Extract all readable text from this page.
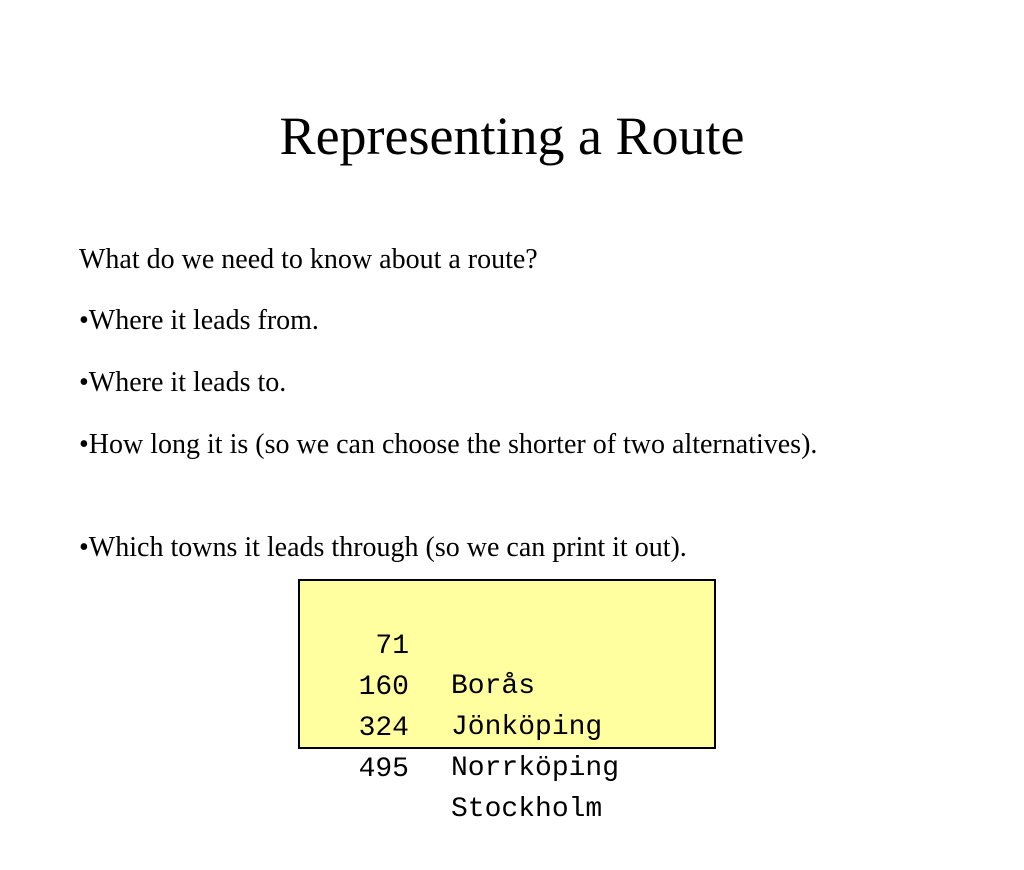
Representing a Route

What do we need to know about a route?

•Where it leads from.

•Where it leads to.

•How long it is (so we can choose the shorter of two alternatives).

•Which towns it leads through (so we can print it out).

71

Borås

160

Jönköping

324

Norrköping

495

Stockholm
